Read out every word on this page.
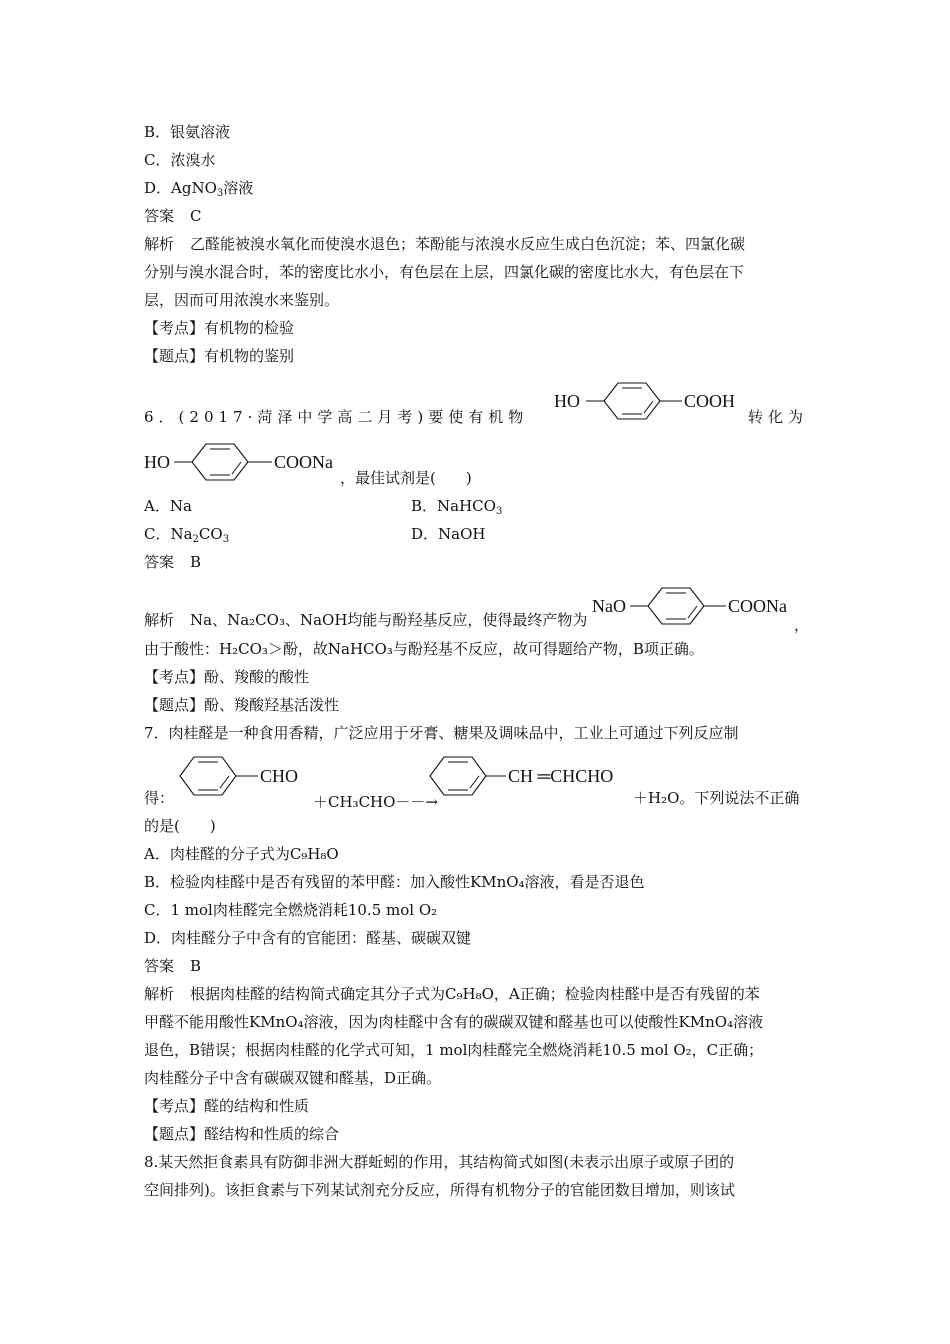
B．银氨溶液
C．浓溴水
D．AgNO$_3$溶液
答案 C
解析 乙醛能被溴水氧化而使溴水退色；苯酚能与浓溴水反应生成白色沉淀；苯、四氯化碳
分别与溴水混合时，苯的密度比水小，有色层在上层，四氯化碳的密度比水大，有色层在下
层，因而可用浓溴水来鉴别。
【考点】有机物的检验
【题点】有机物的鉴别
6．(2017·菏泽中学高二月考)要使有机物
HO	COOH
转化为
HO	COONa
，最佳试剂是(　　)
A．Na	B．NaHCO$_3$
C．$Na_2CO_3$	D．NaOH
答案 B
解析 Na、Na₂CO₃、NaOH均能与酚羟基反应，使得最终产物为
NaO	COONa
，
由于酸性：H₂CO₃＞酚，故NaHCO₃与酚羟基不反应，故可得题给产物，B项正确。
【考点】酚、羧酸的酸性
【题点】酚、羧酸羟基活泼性
7．肉桂醛是一种食用香精，广泛应用于牙膏、糖果及调味品中，工业上可通过下列反应制
得：
CHO
＋CH₃CHO－－→
CH ═CHCHO
＋H₂O。下列说法不正确
的是(　　)
A．肉桂醛的分子式为C₉H₈O
B．检验肉桂醛中是否有残留的苯甲醛：加入酸性KMnO₄溶液，看是否退色
C．1 mol肉桂醛完全燃烧消耗10.5 mol O₂
D．肉桂醛分子中含有的官能团：醛基、碳碳双键
答案 B
解析 根据肉桂醛的结构简式确定其分子式为C₉H₈O，A正确；检验肉桂醛中是否有残留的苯
甲醛不能用酸性KMnO₄溶液，因为肉桂醛中含有的碳碳双键和醛基也可以使酸性KMnO₄溶液
退色，B错误；根据肉桂醛的化学式可知，1 mol肉桂醛完全燃烧消耗10.5 mol O₂，C正确；
肉桂醛分子中含有碳碳双键和醛基，D正确。
【考点】醛的结构和性质
【题点】醛结构和性质的综合
8.某天然拒食素具有防御非洲大群蚯蚓的作用，其结构简式如图(未表示出原子或原子团的
空间排列)。该拒食素与下列某试剂充分反应，所得有机物分子的官能团数目增加，则该试
